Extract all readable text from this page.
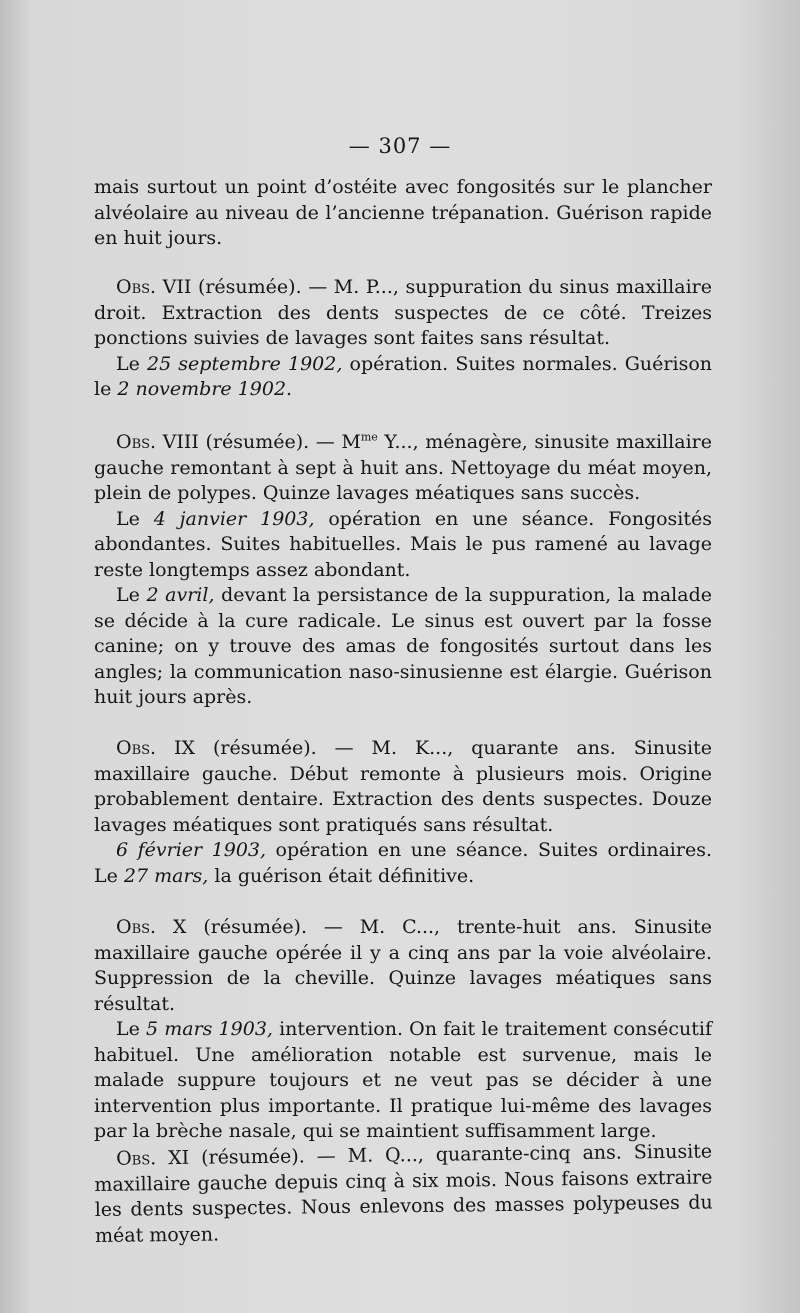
— 307 —

mais surtout un point d’ostéite avec fongosités sur le plancher alvéolaire au niveau de l’ancienne trépanation. Guérison rapide en huit jours.

Obs. VII (résumée). — M. P..., suppuration du sinus maxillaire droit. Extraction des dents suspectes de ce côté. Treizes ponctions suivies de lavages sont faites sans résultat.

Le 25 septembre 1902, opération. Suites normales. Guérison le 2 novembre 1902.

Obs. VIII (résumée). — $M^{me}$ Y..., ménagère, sinusite maxillaire gauche remontant à sept à huit ans. Nettoyage du méat moyen, plein de polypes. Quinze lavages méatiques sans succès.

Le 4 janvier 1903, opération en une séance. Fongosités abondantes. Suites habituelles. Mais le pus ramené au lavage reste longtemps assez abondant.

Le 2 avril, devant la persistance de la suppuration, la malade se décide à la cure radicale. Le sinus est ouvert par la fosse canine; on y trouve des amas de fongosités surtout dans les angles; la communication naso-sinusienne est élargie. Guérison huit jours après.

Obs. IX (résumée). — M. K..., quarante ans. Sinusite maxillaire gauche. Début remonte à plusieurs mois. Origine probablement dentaire. Extraction des dents suspectes. Douze lavages méatiques sont pratiqués sans résultat.

6 février 1903, opération en une séance. Suites ordinaires. Le 27 mars, la guérison était définitive.

Obs. X (résumée). — M. C..., trente-huit ans. Sinusite maxillaire gauche opérée il y a cinq ans par la voie alvéolaire. Suppression de la cheville. Quinze lavages méatiques sans résultat.

Le 5 mars 1903, intervention. On fait le traitement consécutif habituel. Une amélioration notable est survenue, mais le malade suppure toujours et ne veut pas se décider à une intervention plus importante. Il pratique lui-même des lavages par la brèche nasale, qui se maintient suffisamment large.

Obs. XI (résumée). — M. Q..., quarante-cinq ans. Sinusite maxillaire gauche depuis cinq à six mois. Nous faisons extraire les dents suspectes. Nous enlevons des masses polypeuses du méat moyen.
